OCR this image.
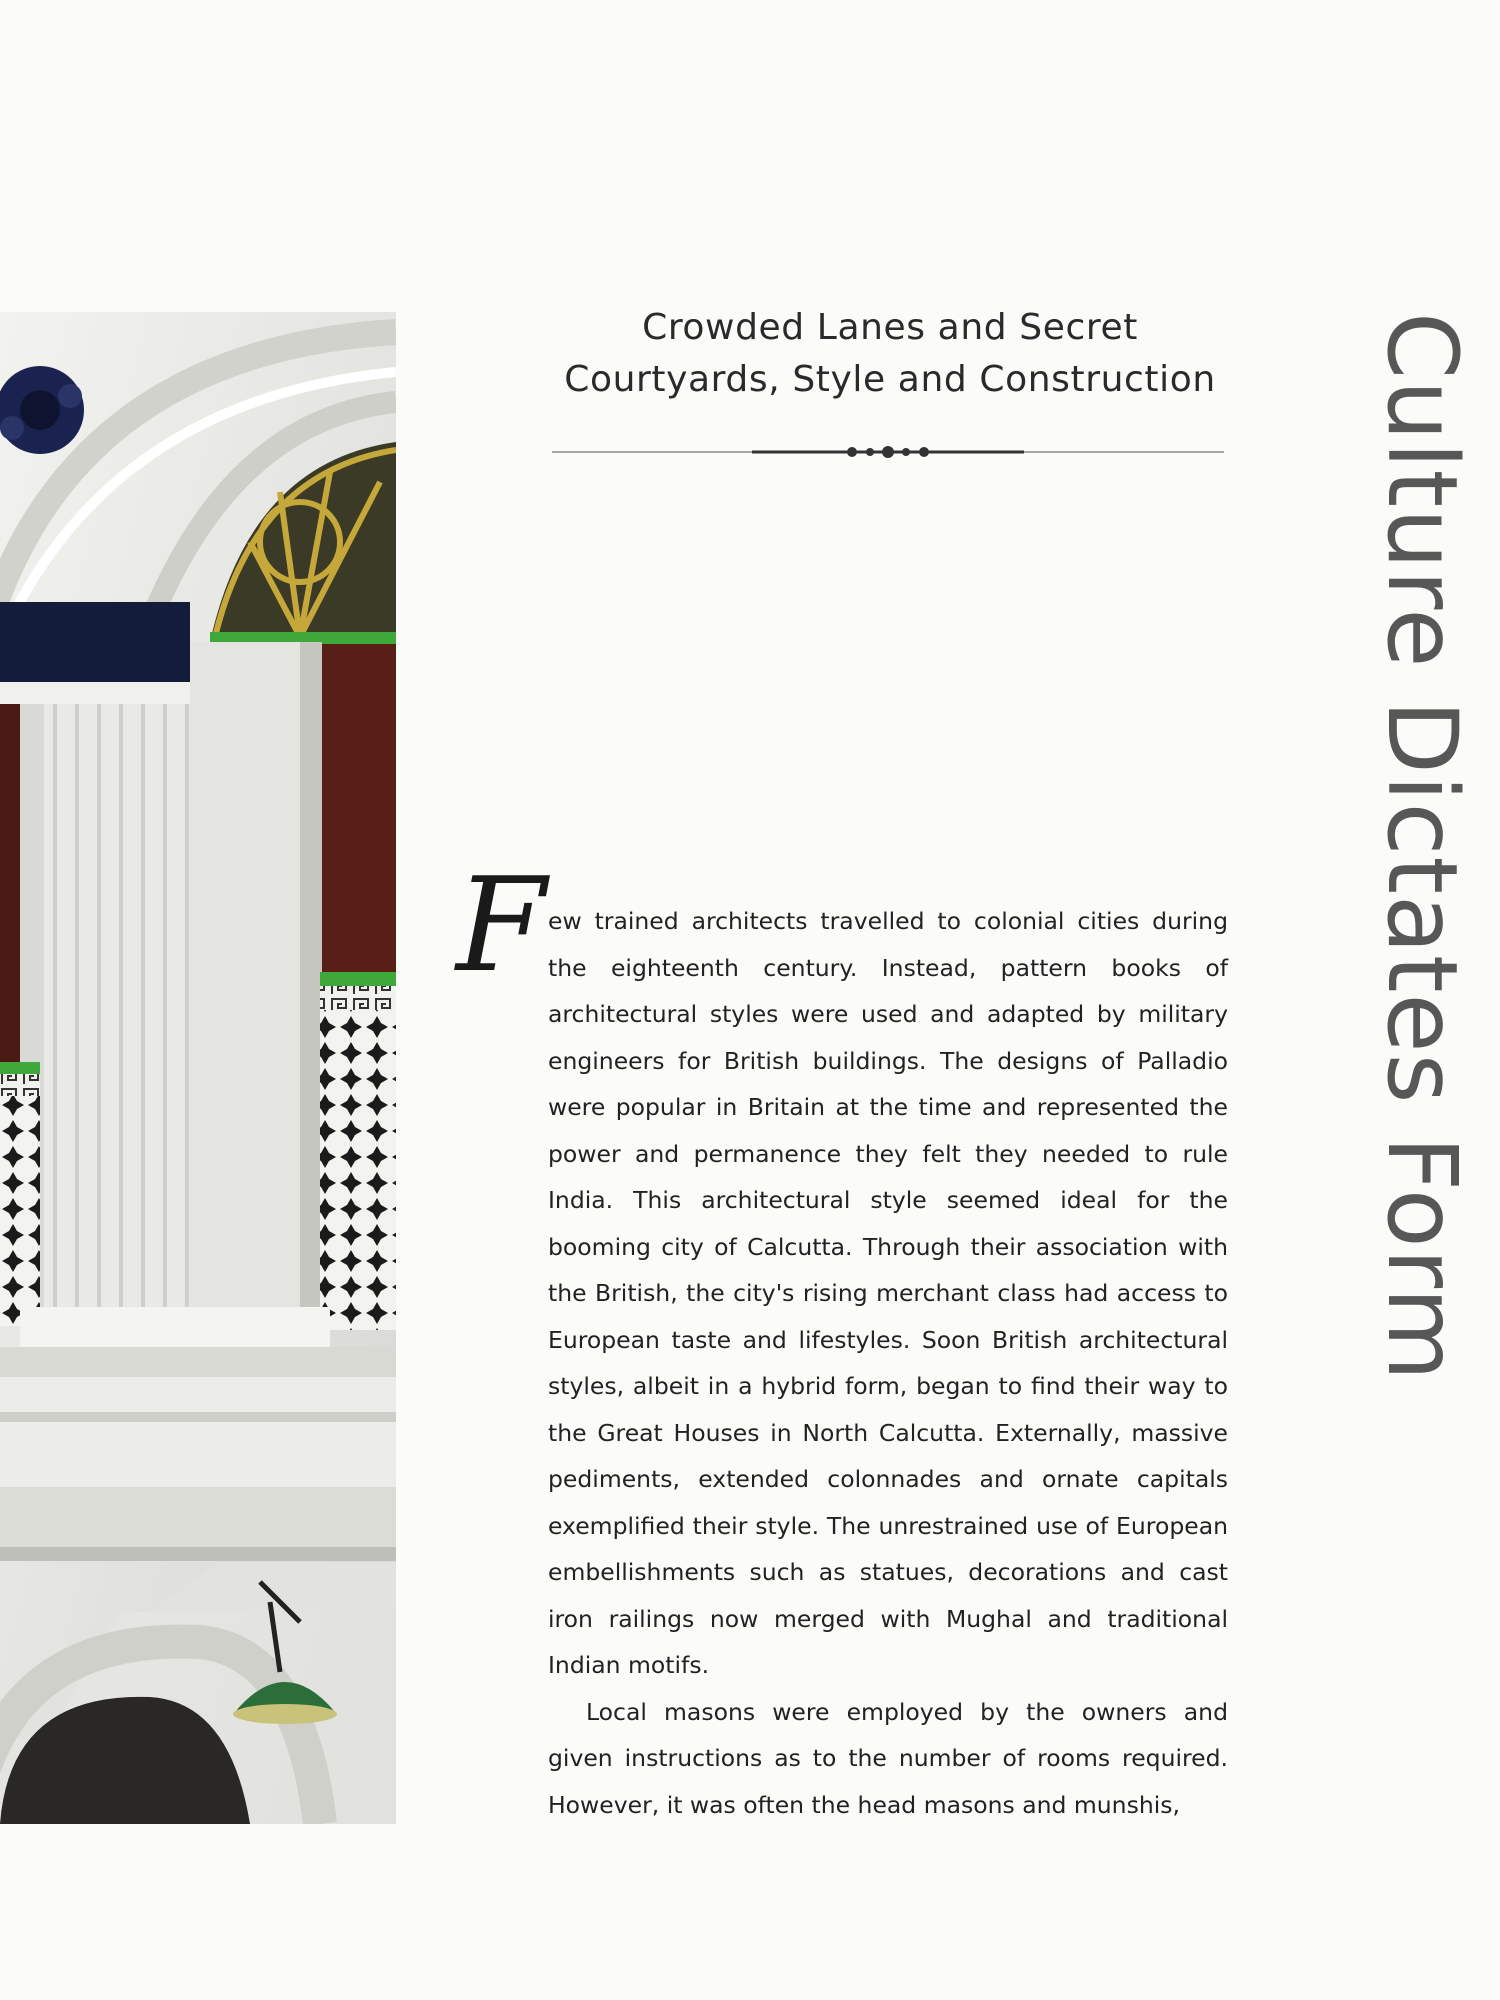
Crowded Lanes and Secret
Courtyards, Style and Construction
F ew trained architects travelled to colonial cities during the eighteenth century. Instead, pattern books of architectural styles were used and adapted by military engineers for British buildings. The designs of Palladio were popular in Britain at the time and represented the power and permanence they felt they needed to rule India. This architectural style seemed ideal for the booming city of Calcutta. Through their association with the British, the city's rising merchant class had access to European taste and lifestyles. Soon British architectural styles, albeit in a hybrid form, began to find their way to the Great Houses in North Calcutta. Externally, massive pediments, extended colonnades and ornate capitals exemplified their style. The unrestrained use of European embellishments such as statues, decorations and cast iron railings now merged with Mughal and traditional Indian motifs.

Local masons were employed by the owners and given instructions as to the number of rooms required. However, it was often the head masons and munshis,

Culture Dictates Form
